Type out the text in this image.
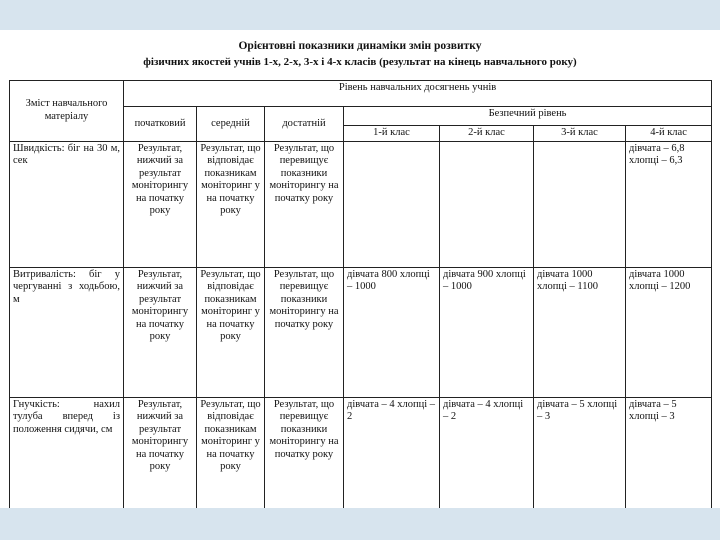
Орієнтовні показники динаміки змін розвитку
фізичних якостей учнів 1-х, 2-х, 3-х і 4-х класів (результат на кінець навчального року)
Зміст навчального матеріалу	Рівень навчальних досягнень учнів						
	початковий	середній	достатній	Безпечний рівень			
				1-й клас	2-й клас	3-й клас	4-й клас
Швидкість: біг на 30 м, сек	Результат, нижчий за результат моніторингу на початку року	Результат, що відповідає показникам моніторинг у на початку року	Результат, що перевищує показники моніторингу на початку року				дівчата – 6,8 хлопці – 6,3
Витривалість: біг у чергуванні з ходьбою, м	Результат, нижчий за результат моніторингу на початку року	Результат, що відповідає показникам моніторинг у на початку року	Результат, що перевищує показники моніторингу на початку року	дівчата 800 хлопці – 1000	дівчата 900 хлопці – 1000	дівчата 1000 хлопці – 1100	дівчата 1000 хлопці – 1200
Гнучкість: нахил тулуба вперед із положення сидячи, см	Результат, нижчий за результат моніторингу на початку року	Результат, що відповідає показникам моніторинг у на початку року	Результат, що перевищує показники моніторингу на початку року	дівчата – 4 хлопці – 2	дівчата – 4 хлопці – 2	дівчата – 5 хлопці – 3	дівчата – 5 хлопці – 3
